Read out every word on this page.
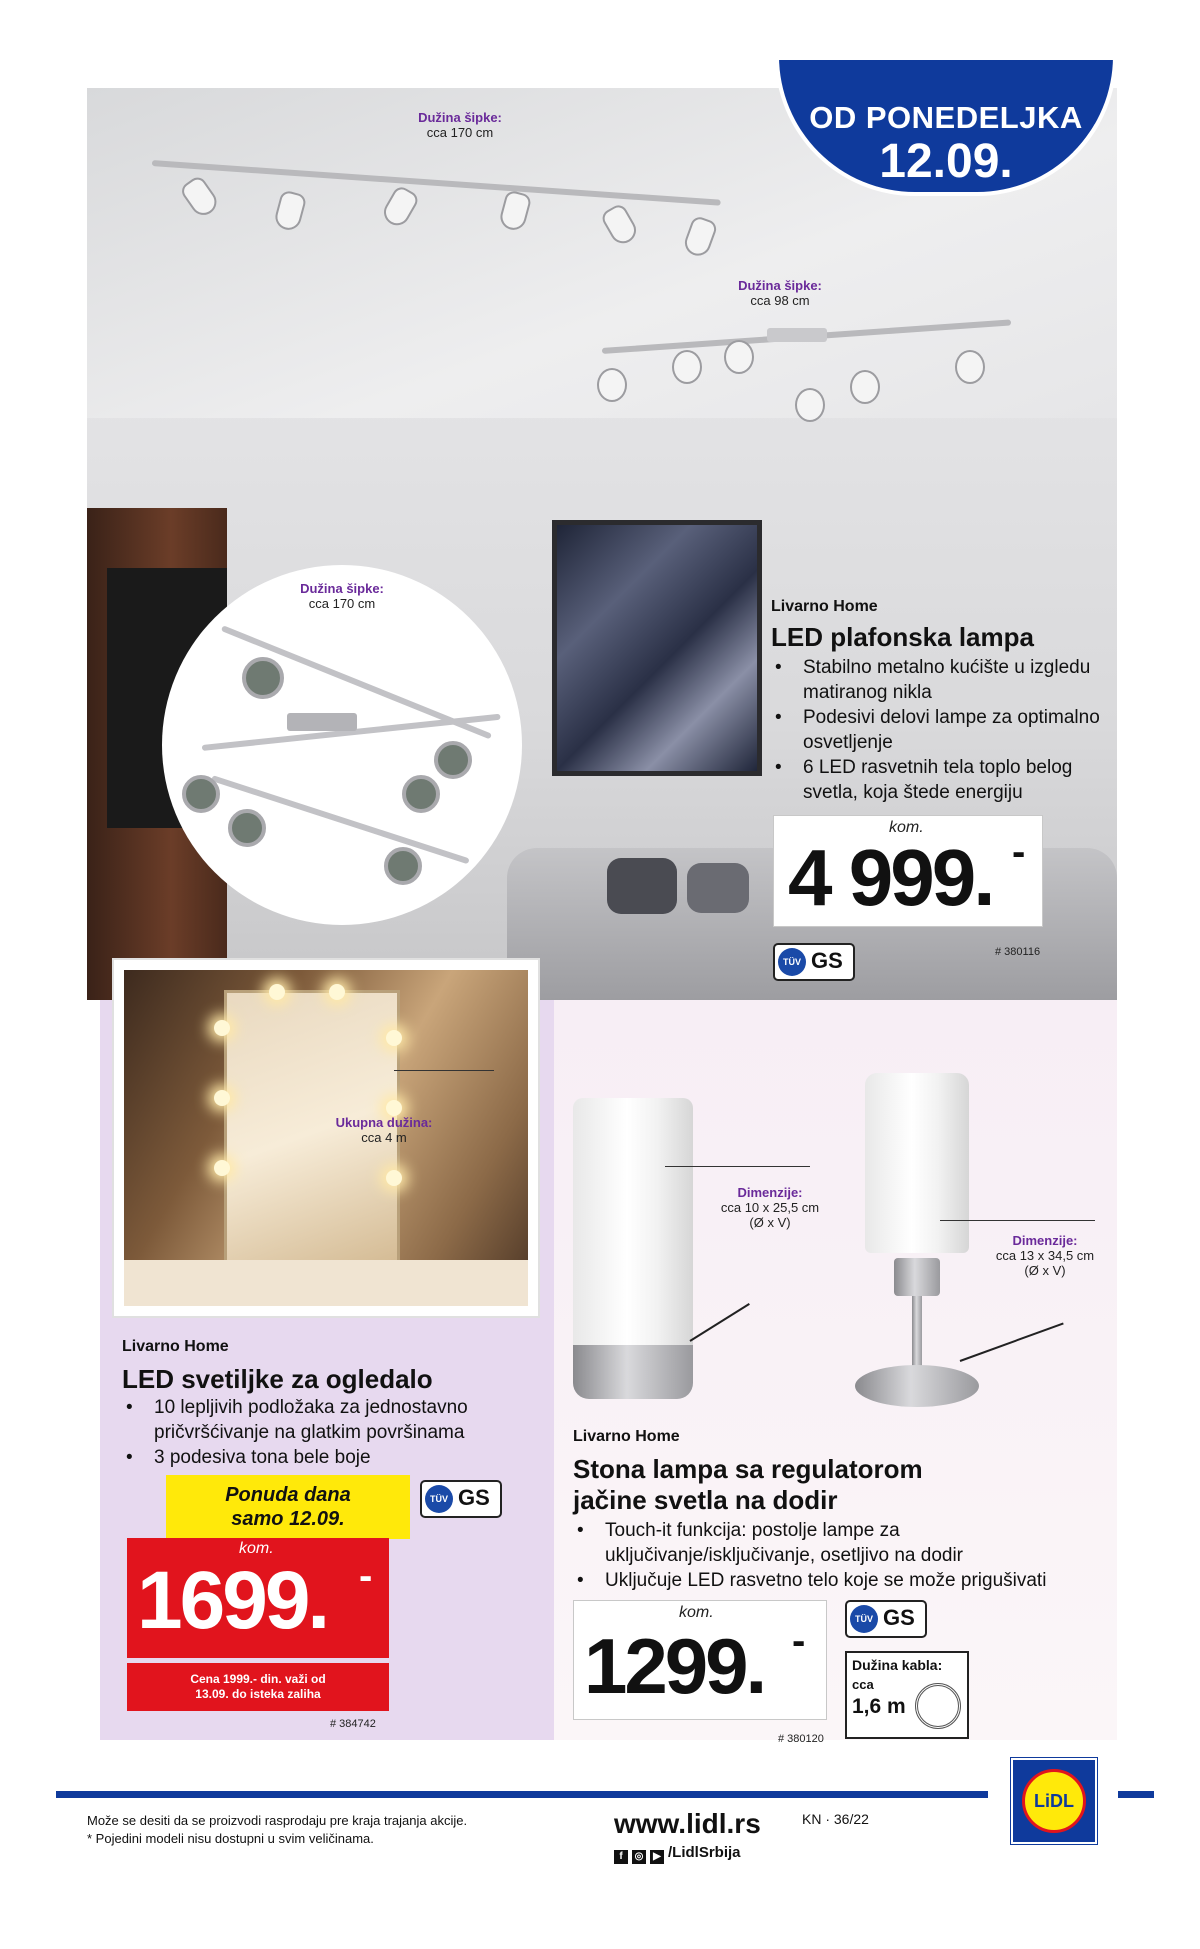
Dužina šipke:
cca 170 cm
Dužina šipke:
cca 98 cm
OD PONEDELJKA
12.09.
Dužina šipke:
cca 170 cm	Livarno Home
LED plafonska lampa
• Stabilno metalno kućište u izgledu matiranog nikla
• Podesivi delovi lampe za optimalno osvetljenje
• 6 LED rasvetnih tela toplo belog svetla, koja štede energiju
kom.
4 999. -
TÜV GS	# 380116
Ukupna dužina:
cca 4 m
Livarno Home
LED svetiljke za ogledalo
• 10 lepljivih podložaka za jednostavno pričvršćivanje na glatkim površinama
• 3 podesiva tona bele boje
TÜV GS
Ponuda dana
samo 12.09.
kom.
1699. -
Cena 1999.- din. važi od
13.09. do isteka zaliha
# 384742
Dimenzije:
cca 10 x 25,5 cm
(Ø x V)
Dimenzije:
cca 13 x 34,5 cm
(Ø x V)
Livarno Home
Stona lampa sa regulatorom
jačine svetla na dodir
• Touch-it funkcija: postolje lampe za uključivanje/isključivanje, osetljivo na dodir
• Uključuje LED rasvetno telo koje se može prigušivati
kom.
1299. -	TÜV GS
Dužina kabla:
cca
1,6 m
# 380120
Može se desiti da se proizvodi rasprodaju pre kraja trajanja akcije.
* Pojedini modeli nisu dostupni u svim veličinama.	www.lidl.rs
f ◎ ▶ /LidlSrbija
KN · 36/22
LiDL
